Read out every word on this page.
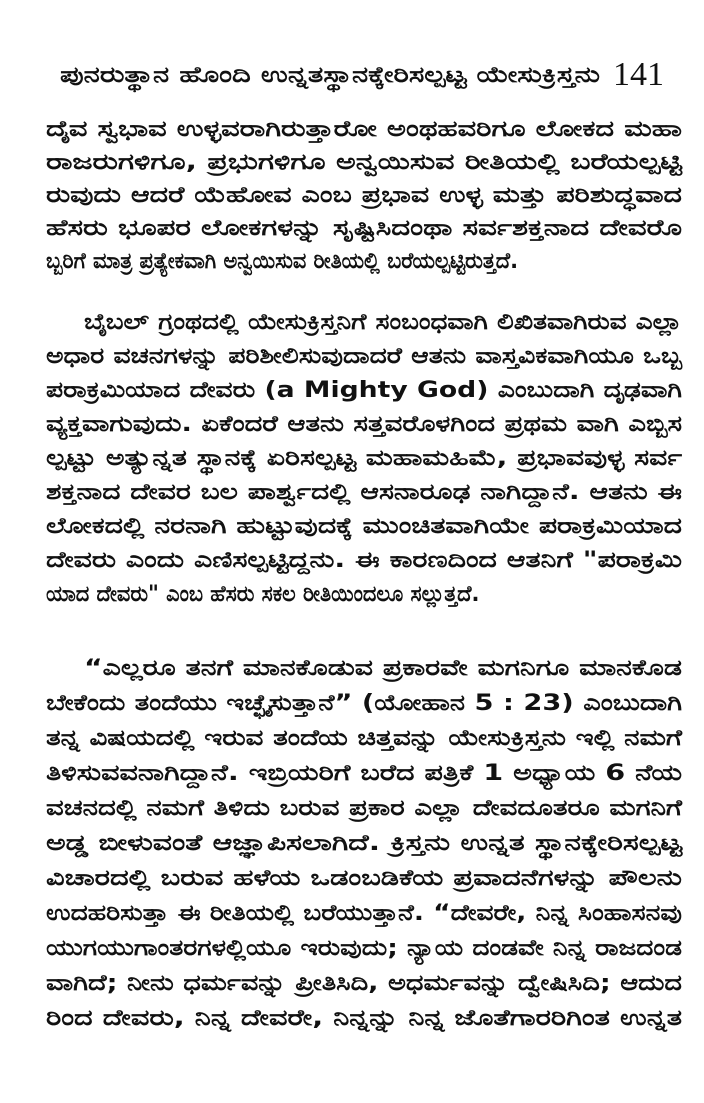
ಪುನರುತ್ಥಾನ ಹೊಂದಿ ಉನ್ನತಸ್ಥಾನಕ್ಕೇರಿಸಲ್ಪಟ್ಟ ಯೇಸುಕ್ರಿಸ್ತನು 141
ದೈವ ಸ್ವಭಾವ ಉಳ್ಳವರಾಗಿರುತ್ತಾರೋ ಅಂಥಹವರಿಗೂ ಲೋಕದ ಮಹಾ
ರಾಜರುಗಳಿಗೂ, ಪ್ರಭುಗಳಿಗೂ ಅನ್ವಯಿಸುವ ರೀತಿಯಲ್ಲಿ ಬರೆಯಲ್ಪಟ್ಟಿ
ರುವುದು ಆದರೆ ಯೆಹೋವ ಎಂಬ ಪ್ರಭಾವ ಉಳ್ಳ ಮತ್ತು ಪರಿಶುದ್ಧವಾದ
ಹೆಸರು ಭೂಪರ ಲೋಕಗಳನ್ನು ಸೃಷ್ಟಿಸಿದಂಥಾ ಸರ್ವಶಕ್ತನಾದ ದೇವರೊ
ಬ್ಬರಿಗೆ ಮಾತ್ರ ಪ್ರತ್ಯೇಕವಾಗಿ ಅನ್ವಯಿಸುವ ರೀತಿಯಲ್ಲಿ ಬರೆಯಲ್ಪಟ್ಟಿರುತ್ತದೆ.
ಬೈಬಲ್ ಗ್ರಂಥದಲ್ಲಿ ಯೇಸುಕ್ರಿಸ್ತನಿಗೆ ಸಂಬಂಧವಾಗಿ ಲಿಖಿತವಾಗಿರುವ ಎಲ್ಲಾ
ಅಧಾರ ವಚನಗಳನ್ನು ಪರಿಶೀಲಿಸುವುದಾದರೆ ಆತನು ವಾಸ್ತವಿಕವಾಗಿಯೂ ಒಬ್ಬ
ಪರಾಕ್ರಮಿಯಾದ ದೇವರು (a Mighty God) ಎಂಬುದಾಗಿ ದೃಢವಾಗಿ
ವ್ಯಕ್ತವಾಗುವುದು. ಏಕೆಂದರೆ ಆತನು ಸತ್ತವರೊಳಗಿಂದ ಪ್ರಥಮ ವಾಗಿ ಎಬ್ಬಿಸ
ಲ್ಪಟ್ಟು ಅತ್ಯುನ್ನತ ಸ್ಥಾನಕ್ಕೆ ಏರಿಸಲ್ಪಟ್ಟ ಮಹಾಮಹಿಮೆ, ಪ್ರಭಾವವುಳ್ಳ ಸರ್ವ
ಶಕ್ತನಾದ ದೇವರ ಬಲ ಪಾರ್ಶ್ವದಲ್ಲಿ ಆಸನಾರೂಢ ನಾಗಿದ್ದಾನೆ. ಆತನು ಈ
ಲೋಕದಲ್ಲಿ ನರನಾಗಿ ಹುಟ್ಟುವುದಕ್ಕೆ ಮುಂಚಿತವಾಗಿಯೇ ಪರಾಕ್ರಮಿಯಾದ
ದೇವರು ಎಂದು ಎಣಿಸಲ್ಪಟ್ಟಿದ್ದನು. ಈ ಕಾರಣದಿಂದ ಆತನಿಗೆ "ಪರಾಕ್ರಮಿ
ಯಾದ ದೇವರು" ಎಂಬ ಹೆಸರು ಸಕಲ ರೀತಿಯಿಂದಲೂ ಸಲ್ಲುತ್ತದೆ.
“ಎಲ್ಲರೂ ತನಗೆ ಮಾನಕೊಡುವ ಪ್ರಕಾರವೇ ಮಗನಿಗೂ ಮಾನಕೊಡ
ಬೇಕೆಂದು ತಂದೆಯು ಇಚ್ಛೈಸುತ್ತಾನೆ” (ಯೋಹಾನ 5 : 23) ಎಂಬುದಾಗಿ
ತನ್ನ ವಿಷಯದಲ್ಲಿ ಇರುವ ತಂದೆಯ ಚಿತ್ತವನ್ನು ಯೇಸುಕ್ರಿಸ್ತನು ಇಲ್ಲಿ ನಮಗೆ
ತಿಳಿಸುವವನಾಗಿದ್ದಾನೆ. ಇಬ್ರಿಯರಿಗೆ ಬರೆದ ಪತ್ರಿಕೆ 1 ಅಧ್ಯಾಯ 6 ನೆಯ
ವಚನದಲ್ಲಿ ನಮಗೆ ತಿಳಿದು ಬರುವ ಪ್ರಕಾರ ಎಲ್ಲಾ ದೇವದೂತರೂ ಮಗನಿಗೆ
ಅಡ್ಡ ಬೀಳುವಂತೆ ಆಜ್ಞಾಪಿಸಲಾಗಿದೆ. ಕ್ರಿಸ್ತನು ಉನ್ನತ ಸ್ಥಾನಕ್ಕೇರಿಸಲ್ಪಟ್ಟ
ವಿಚಾರದಲ್ಲಿ ಬರುವ ಹಳೆಯ ಒಡಂಬಡಿಕೆಯ ಪ್ರವಾದನೆಗಳನ್ನು ಪೌಲನು
ಉದಹರಿಸುತ್ತಾ ಈ ರೀತಿಯಲ್ಲಿ ಬರೆಯುತ್ತಾನೆ. “ದೇವರೇ, ನಿನ್ನ ಸಿಂಹಾಸನವು
ಯುಗಯುಗಾಂತರಗಳಲ್ಲಿಯೂ ಇರುವುದು; ನ್ಯಾಯ ದಂಡವೇ ನಿನ್ನ ರಾಜದಂಡ
ವಾಗಿದೆ; ನೀನು ಧರ್ಮವನ್ನು ಪ್ರೀತಿಸಿದಿ, ಅಧರ್ಮವನ್ನು ದ್ವೇಷಿಸಿದಿ; ಆದುದ
ರಿಂದ ದೇವರು, ನಿನ್ನ ದೇವರೇ, ನಿನ್ನನ್ನು ನಿನ್ನ ಜೊತೆಗಾರರಿಗಿಂತ ಉನ್ನತ
